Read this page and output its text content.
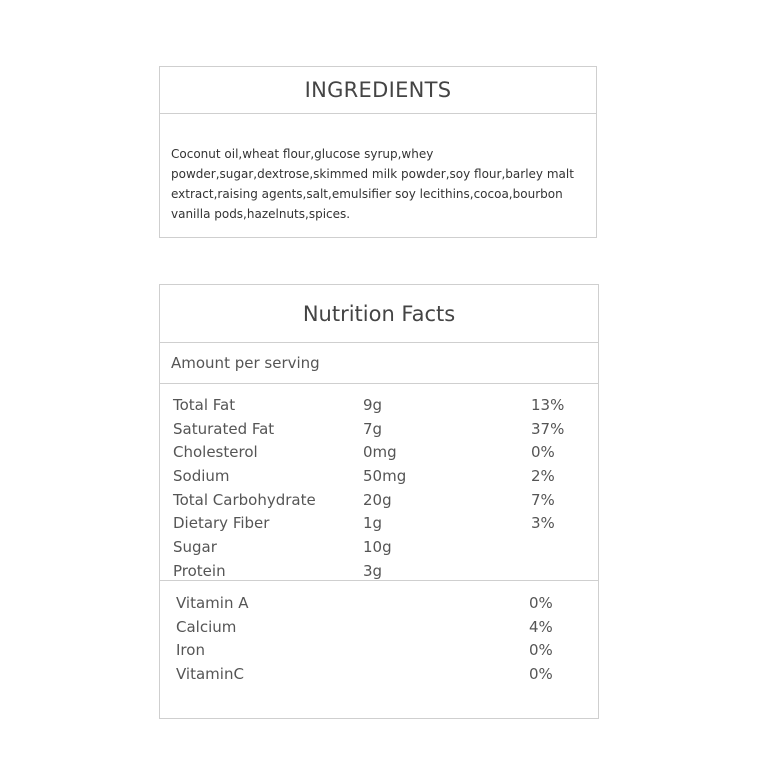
INGREDIENTS
Coconut oil,wheat flour,glucose syrup,whey powder,sugar,dextrose,skimmed milk powder,soy flour,barley malt extract,raising agents,salt,emulsifier soy lecithins,cocoa,bourbon vanilla pods,hazelnuts,spices.
Nutrition Facts
Amount per serving
Total Fat	9g	13%
Saturated Fat	7g	37%
Cholesterol	0mg	0%
Sodium	50mg	2%
Total Carbohydrate	20g	7%
Dietary Fiber	1g	3%
Sugar	10g
Protein	3g
Vitamin A	0%
Calcium	4%
Iron	0%
VitaminC	0%
